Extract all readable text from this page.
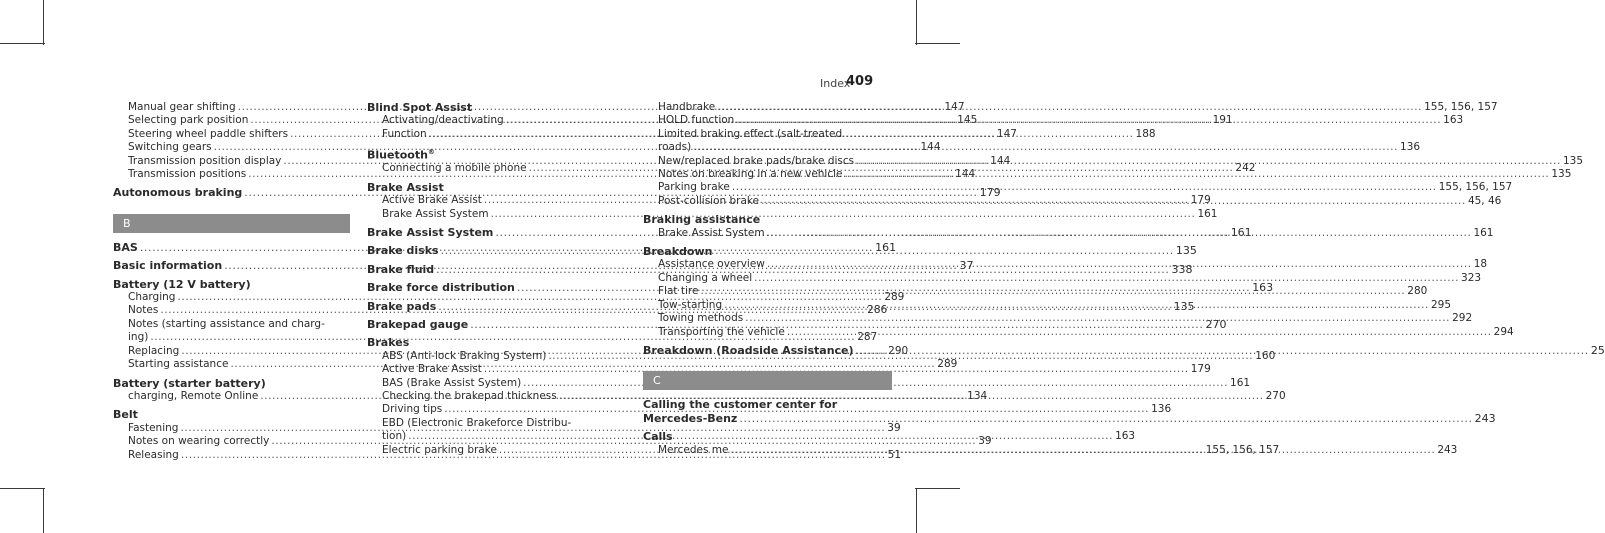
Index
409
Manual gear shifting .....	147
Selecting park position .....	145
Steering wheel paddle shifters .....	147
Switching gears .....	144
Transmission position display .....	144
Transmission positions .....	144
Autonomous braking .....	179
B
BAS .....	161
Basic information .....	37
Battery (12 V battery)
Charging .....	289
Notes .....	286
Notes (starting assistance and charg-
ing) .....	287
Replacing .....	290
Starting assistance .....	289
Battery (starter battery)
charging, Remote Online .....	134
Belt
Fastening .....	39
Notes on wearing correctly .....	39
Releasing .....	51
Blind Spot Assist
Activating/deactivating .....	191
Function .....	188
Bluetooth®
Connecting a mobile phone .....	242
Brake Assist
Active Brake Assist .....	179
Brake Assist System .....	161
Brake Assist System .....	161
Brake disks .....	135
Brake fluid .....	338
Brake force distribution .....	163
Brake pads .....	135
Brakepad gauge .....	270
Brakes
ABS (Anti-lock Braking System) .....	160
Active Brake Assist .....	179
BAS (Brake Assist System) .....	161
Checking the brakepad thickness .....	270
Driving tips .....	136
EBD (Electronic Brakeforce Distribu-
tion) .....	163
Electric parking brake .....	155, 156, 157
Handbrake .....	155, 156, 157
HOLD function .....	163
Limited braking effect (salt-treated
roads) .....	136
New/replaced brake pads/brake discs .....	135
Notes on breaking in a new vehicle .....	135
Parking brake .....	155, 156, 157
Post-collision brake .....	45, 46
Braking assistance
Brake Assist System .....	161
Breakdown
Assistance overview .....	18
Changing a wheel .....	323
Flat tire .....	280
Tow-starting .....	295
Towing methods .....	292
Transporting the vehicle .....	294
Breakdown (Roadside Assistance) .....	25
C
Calling the customer center for
Mercedes-Benz .....	243
Calls
Mercedes me .....	243
